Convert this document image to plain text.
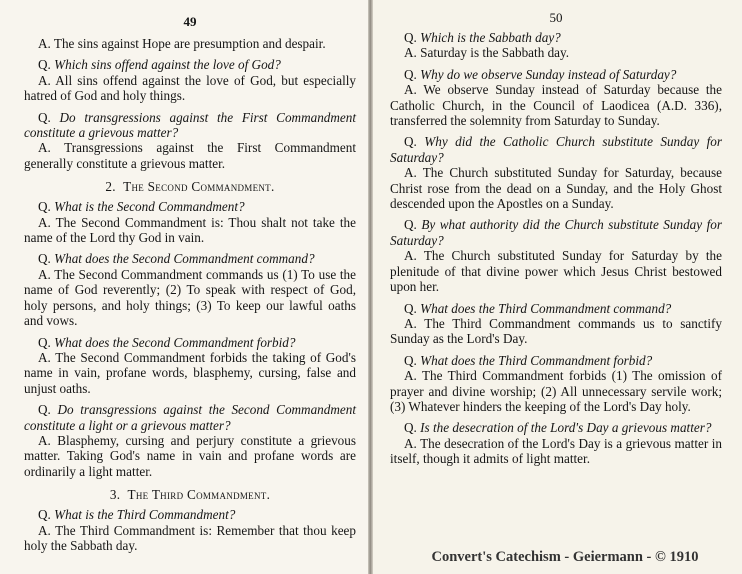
49

A. The sins against Hope are presumption and despair.

Q. Which sins offend against the love of God?

A. All sins offend against the love of God, but especially hatred of God and holy things.

Q. Do transgressions against the First Commandment constitute a grievous matter?

A. Transgressions against the First Commandment generally constitute a grievous matter.

2. The Second Commandment.

Q. What is the Second Commandment?

A. The Second Commandment is: Thou shalt not take the name of the Lord thy God in vain.

Q. What does the Second Commandment command?

A. The Second Commandment commands us (1) To use the name of God reverently; (2) To speak with respect of God, holy persons, and holy things; (3) To keep our lawful oaths and vows.

Q. What does the Second Commandment forbid?

A. The Second Commandment forbids the taking of God's name in vain, profane words, blasphemy, cursing, false and unjust oaths.

Q. Do transgressions against the Second Commandment constitute a light or a grievous matter?

A. Blasphemy, cursing and perjury constitute a grievous matter. Taking God's name in vain and profane words are ordinarily a light matter.

3. The Third Commandment.

Q. What is the Third Commandment?

A. The Third Commandment is: Remember that thou keep holy the Sabbath day.

50

Q. Which is the Sabbath day?

A. Saturday is the Sabbath day.

Q. Why do we observe Sunday instead of Saturday?

A. We observe Sunday instead of Saturday because the Catholic Church, in the Council of Laodicea (A.D. 336), transferred the solemnity from Saturday to Sunday.

Q. Why did the Catholic Church substitute Sunday for Saturday?

A. The Church substituted Sunday for Saturday, because Christ rose from the dead on a Sunday, and the Holy Ghost descended upon the Apostles on a Sunday.

Q. By what authority did the Church substitute Sunday for Saturday?

A. The Church substituted Sunday for Saturday by the plenitude of that divine power which Jesus Christ bestowed upon her.

Q. What does the Third Commandment command?

A. The Third Commandment commands us to sanctify Sunday as the Lord's Day.

Q. What does the Third Commandment forbid?

A. The Third Commandment forbids (1) The omission of prayer and divine worship; (2) All unnecessary servile work; (3) Whatever hinders the keeping of the Lord's Day holy.

Q. Is the desecration of the Lord's Day a grievous matter?

A. The desecration of the Lord's Day is a grievous matter in itself, though it admits of light matter.

Convert's Catechism - Geiermann - © 1910
